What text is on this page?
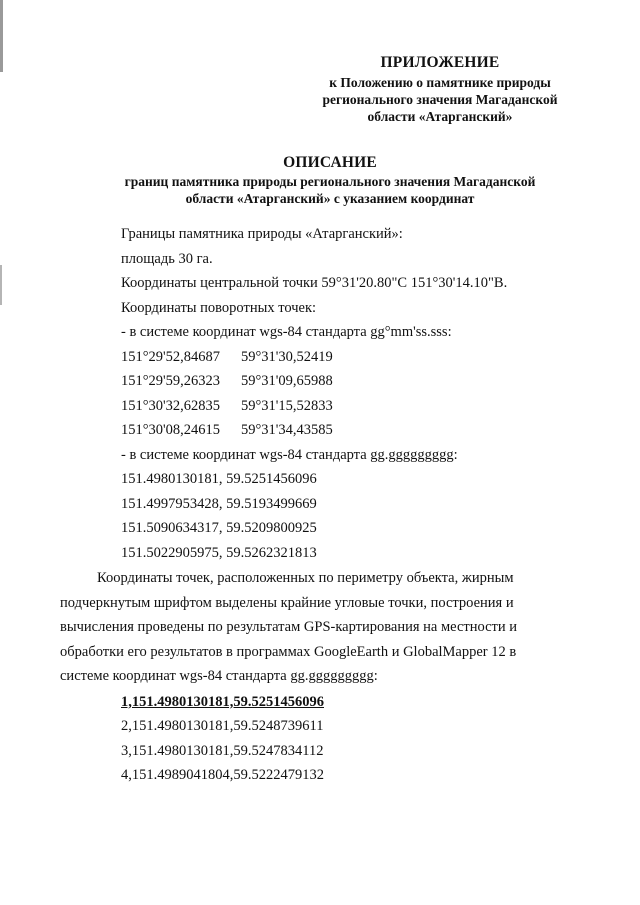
ПРИЛОЖЕНИЕ
к Положению о памятнике природы
регионального значения Магаданской
области «Атарганский»
ОПИСАНИЕ
границ памятника природы регионального значения Магаданской
области «Атарганский» с указанием координат
Границы памятника природы «Атарганский»:
площадь 30 га.
Координаты центральной точки 59°31'20.80"С 151°30'14.10"В.
Координаты поворотных точек:
- в системе координат wgs-84 стандарта gg°mm'ss.sss:
151°29'52,84687	59°31'30,52419
151°29'59,26323	59°31'09,65988
151°30'32,62835	59°31'15,52833
151°30'08,24615	59°31'34,43585
- в системе координат wgs-84 стандарта gg.ggggggggg:
151.4980130181, 59.5251456096
151.4997953428, 59.5193499669
151.5090634317, 59.5209800925
151.5022905975, 59.5262321813
Координаты точек, расположенных по периметру объекта, жирным
подчеркнутым шрифтом выделены крайние угловые точки, построения и
вычисления проведены по результатам GPS-картирования на местности и
обработки его результатов в программах GoogleEarth и GlobalMapper 12 в
системе координат wgs-84 стандарта gg.ggggggggg:
1,151.4980130181,59.5251456096
2,151.4980130181,59.5248739611
3,151.4980130181,59.5247834112
4,151.4989041804,59.5222479132
